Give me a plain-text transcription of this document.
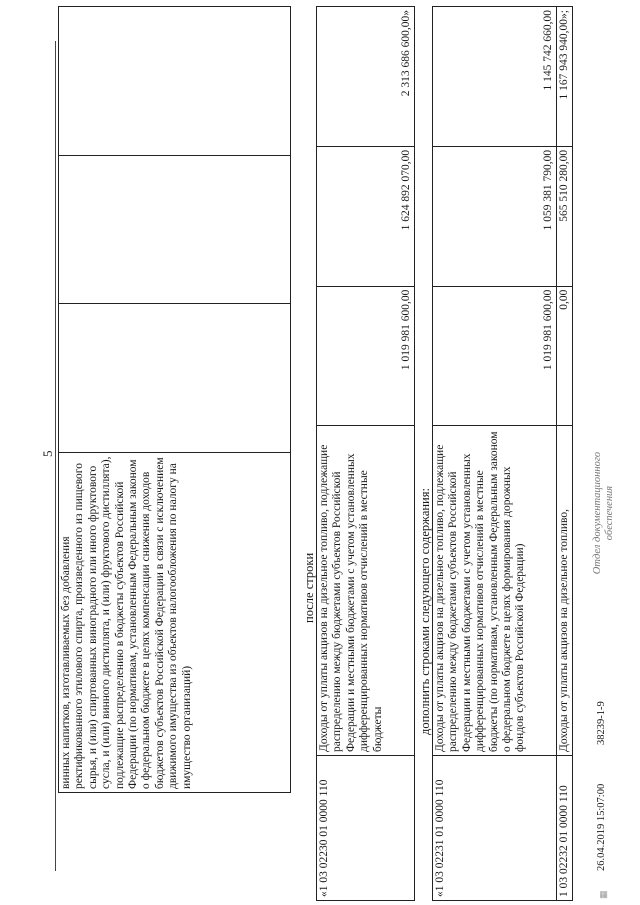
5
винных напитков, изготавливаемых без добавления ректификованного этилового спирта, произведенного из пищевого сырья, и (или) спиртованных виноградного или иного фруктового сусла, и (или) винного дистиллята, и (или) фруктового дистиллята), подлежащие распределению в бюджеты субъектов Российской Федерации (по нормативам, установленным Федеральным законом о федеральном бюджете в целях компенсации снижения доходов бюджетов субъектов Российской Федерации в связи с исключением движимого имущества из объектов налогообложения по налогу на имущество организаций)			
после строки
«1 03 02230 01 0000 110	Доходы от уплаты акцизов на дизельное топливо, подлежащие распределению между бюджетами субъектов Российской Федерации и местными бюджетами с учетом установленных дифференцированных нормативов отчислений в местные бюджеты	1 019 981 600,00	1 624 892 070,00	2 313 686 600,00»
дополнить строками следующего содержания:
«1 03 02231 01 0000 110	Доходы от уплаты акцизов на дизельное топливо, подлежащие распределению между бюджетами субъектов Российской Федерации и местными бюджетами с учетом установленных дифференцированных нормативов отчислений в местные бюджеты (по нормативам, установленным Федеральным законом о федеральном бюджете в целях формирования дорожных фондов субъектов Российской Федерации)	1 019 981 600,00	1 059 381 790,00	1 145 742 660,00
1 03 02232 01 0000 110	Доходы от уплаты акцизов на дизельное топливо,	0,00	565 510 280,00	1 167 943 940,00»;
▦
26.04.2019 15:07:00
38239-1-9
Отдел документационного обеспечения
